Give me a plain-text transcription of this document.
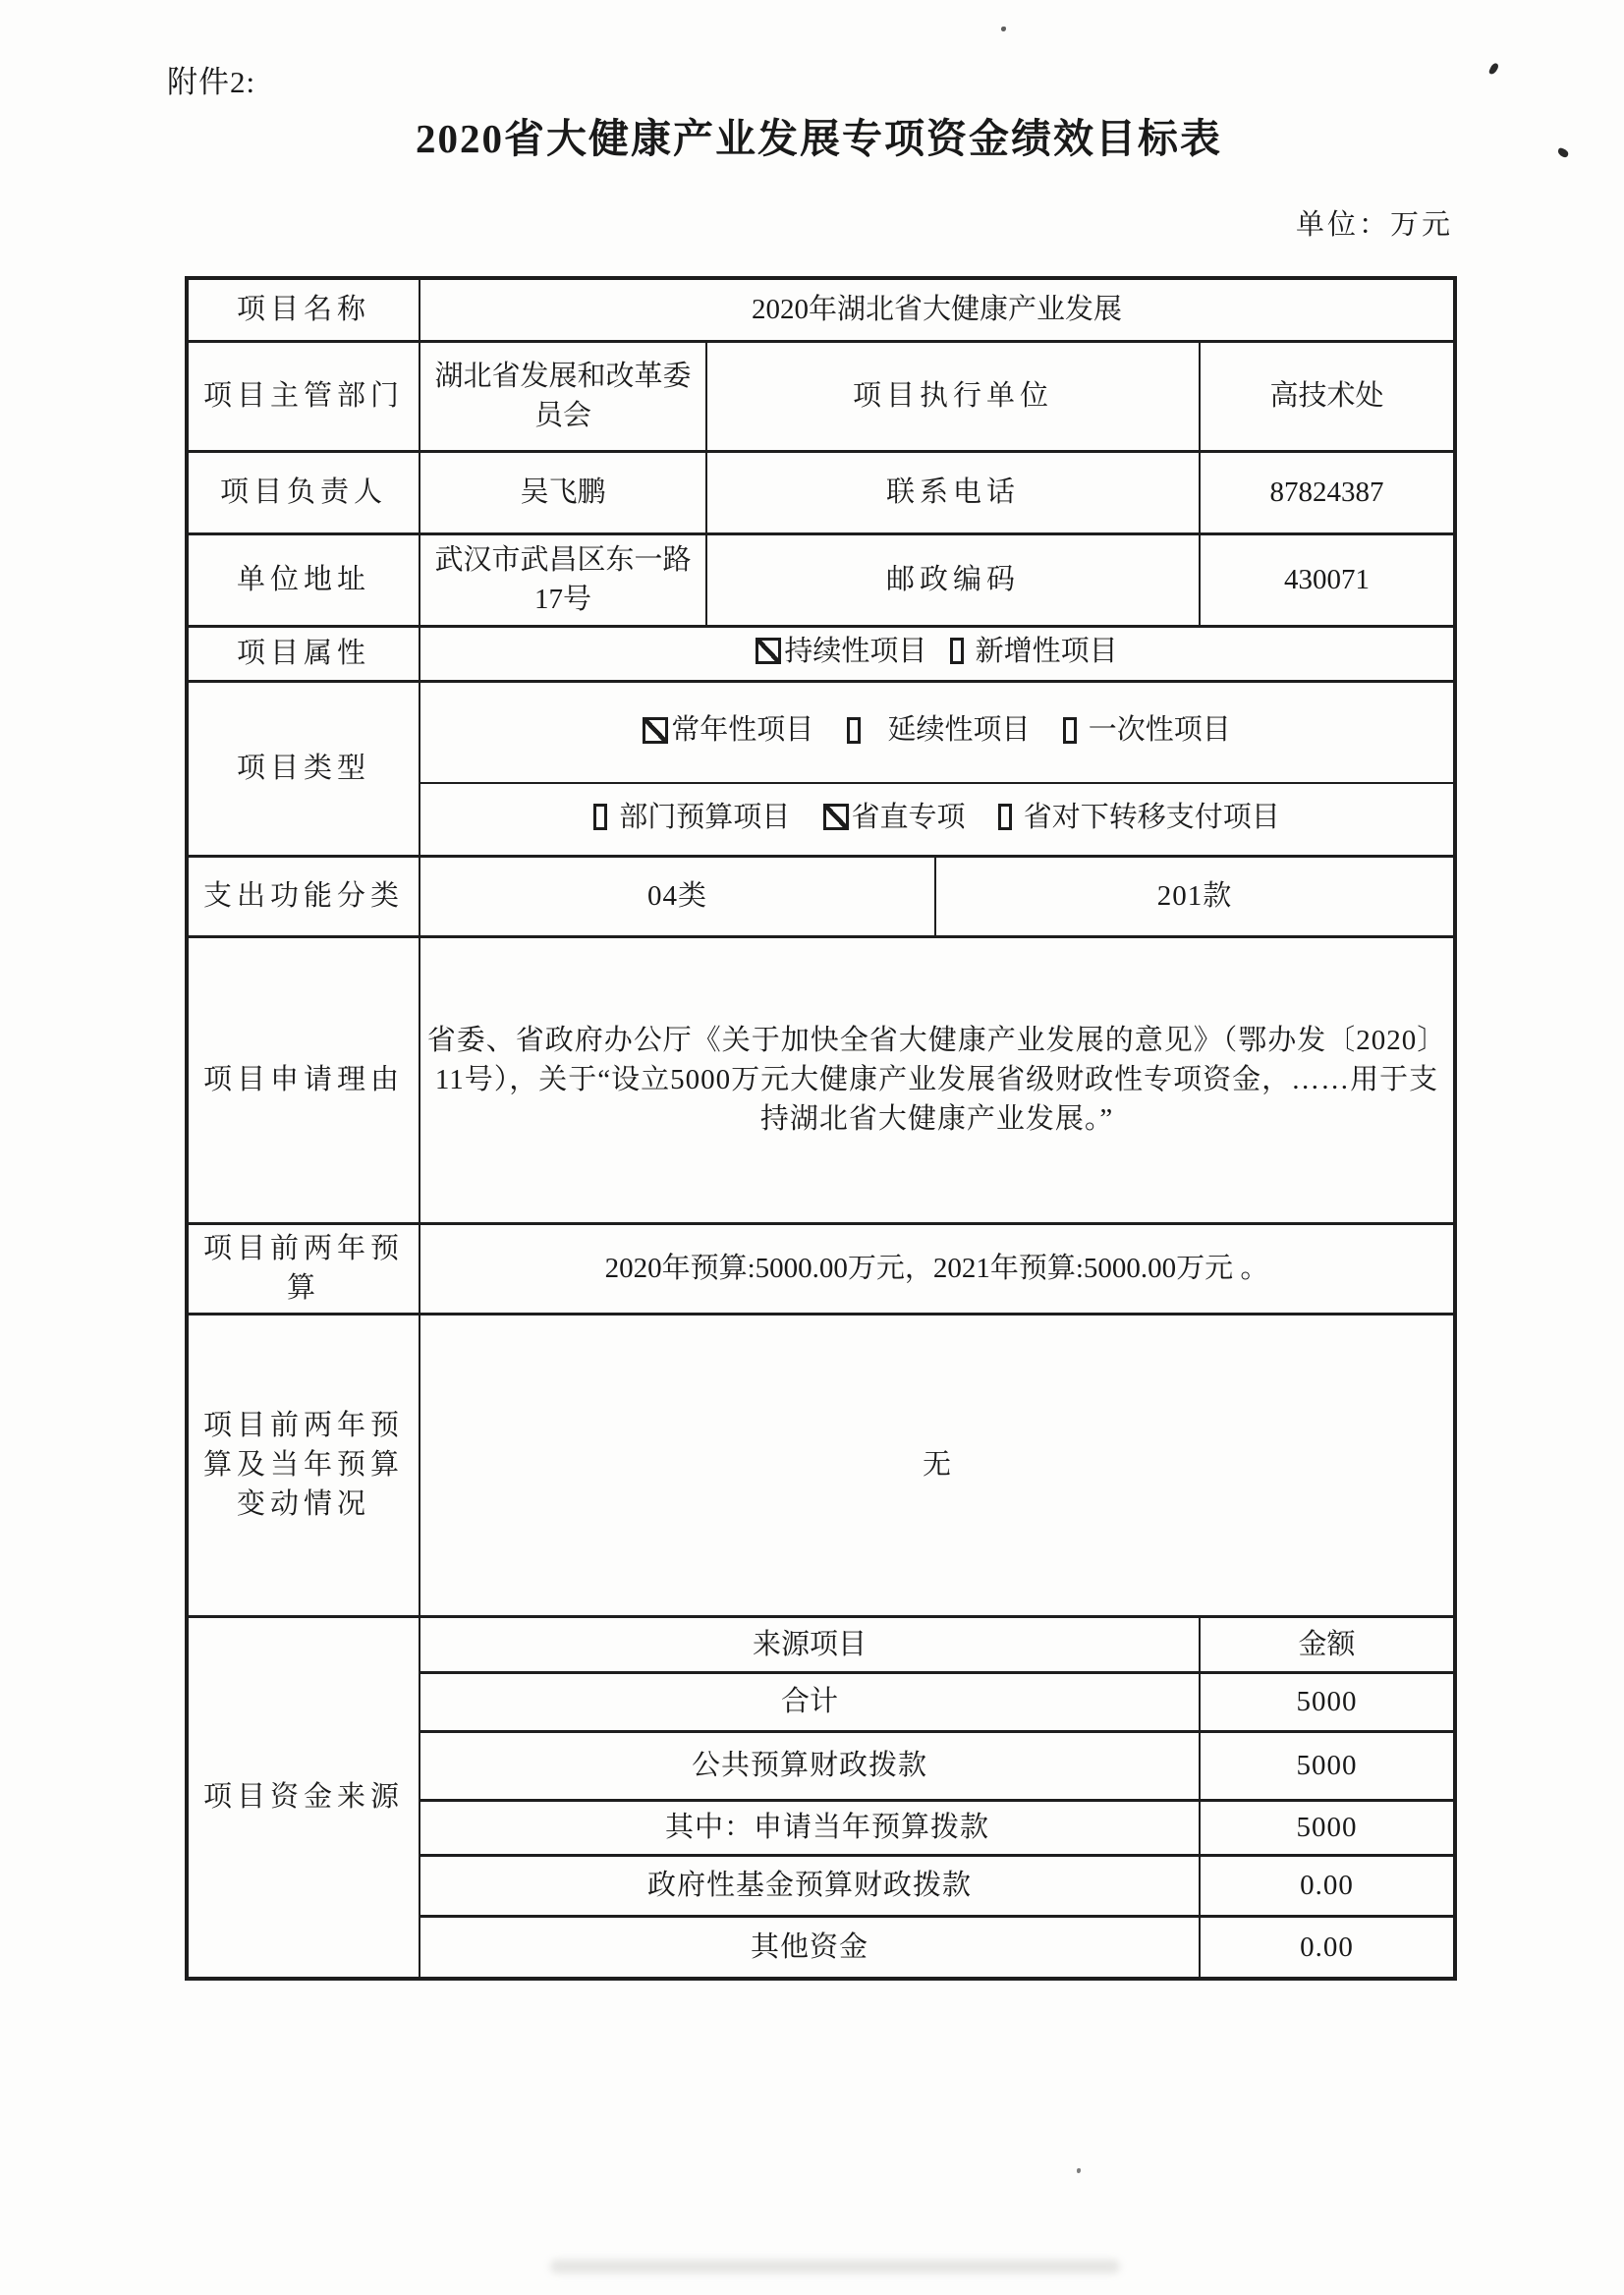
附件2:
2020省大健康产业发展专项资金绩效目标表
单位：万元
项目名称	2020年湖北省大健康产业发展			
项目主管部门	湖北省发展和改革委员会	项目执行单位		高技术处
项目负责人	吴飞鹏	联系电话		87824387
单位地址	武汉市武昌区东一路17号	邮政编码		430071
项目属性	持续性项目
新增性项目			

项目类型	常年性项目
延续性项目
一次性项目			

	部门预算项目
省直专项
省对下转移支付项目			

支出功能分类	04类		201款	
项目申请理由	省委、省政府办公厅《关于加快全省大健康产业发展的意见》（鄂办发〔2020〕11号），关于“设立5000万元大健康产业发展省级财政性专项资金，……用于支持湖北省大健康产业发展。”			
项目前两年预算	2020年预算:5000.00万元，2021年预算:5000.00万元 。			
项目前两年预算及当年预算变动情况	无			
项目资金来源	来源项目			金额
	合计			5000
	公共预算财政拨款			5000
	其中：申请当年预算拨款			5000
	政府性基金预算财政拨款			0.00
	其他资金			0.00
